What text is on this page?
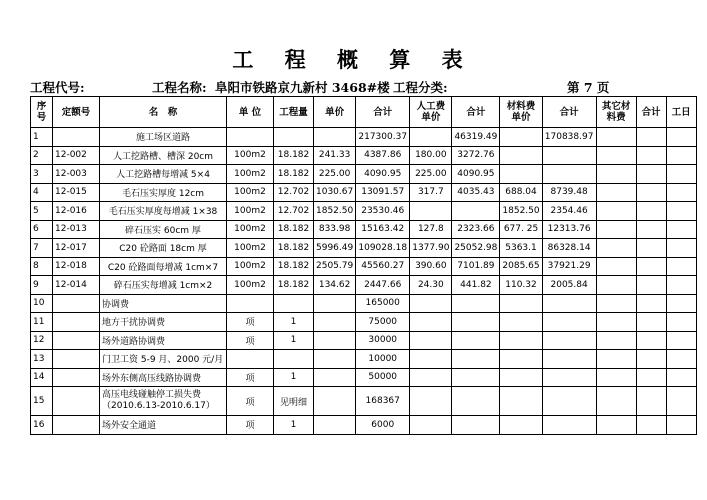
工 程 概 算 表
工程代号:	工程名称: 阜阳市铁路京九新村 3468#楼 工程分类:	第 7 页
序号	定额号	名　称	单 位	工程量	单价	合计	人工费单价	合计	材料费单价	合计	其它材料费	合计	工日
1		施工场区道路				217300.37		46319.49		170838.97			
2	12-002	人工挖路槽、槽深 20cm	100m2	18.182	241.33	4387.86	180.00	3272.76					
3	12-003	人工挖路槽每增减 5×4	100m2	18.182	225.00	4090.95	225.00	4090.95					
4	12-015	毛石压实厚度 12cm	100m2	12.702	1030.67	13091.57	317.7	4035.43	688.04	8739.48			
5	12-016	毛石压实厚度每增减 1×38	100m2	12.702	1852.50	23530.46			1852.50	2354.46			
6	12-013	碎石压实 60cm 厚	100m2	18.182	833.98	15163.42	127.8	2323.66	677. 25	12313.76			
7	12-017	C20 砼路面 18cm 厚	100m2	18.182	5996.49	109028.18	1377.90	25052.98	5363.1	86328.14			
8	12-018	C20 砼路面每增减 1cm×7	100m2	18.182	2505.79	45560.27	390.60	7101.89	2085.65	37921.29			
9	12-014	碎石压实每增减 1cm×2	100m2	18.182	134.62	2447.66	24.30	441.82	110.32	2005.84			
10		协调费				165000							
11		地方干扰协调费	项	1		75000							
12		场外道路协调费	项	1		30000							
13		门卫工资 5-9 月、2000 元/月				10000							
14		场外东侧高压线路协调费	项	1		50000							
15		高压电线碰触停工损失费（2010.6.13-2010.6.17）	项	见明细		168367							
16		场外安全通道	项	1		6000							
